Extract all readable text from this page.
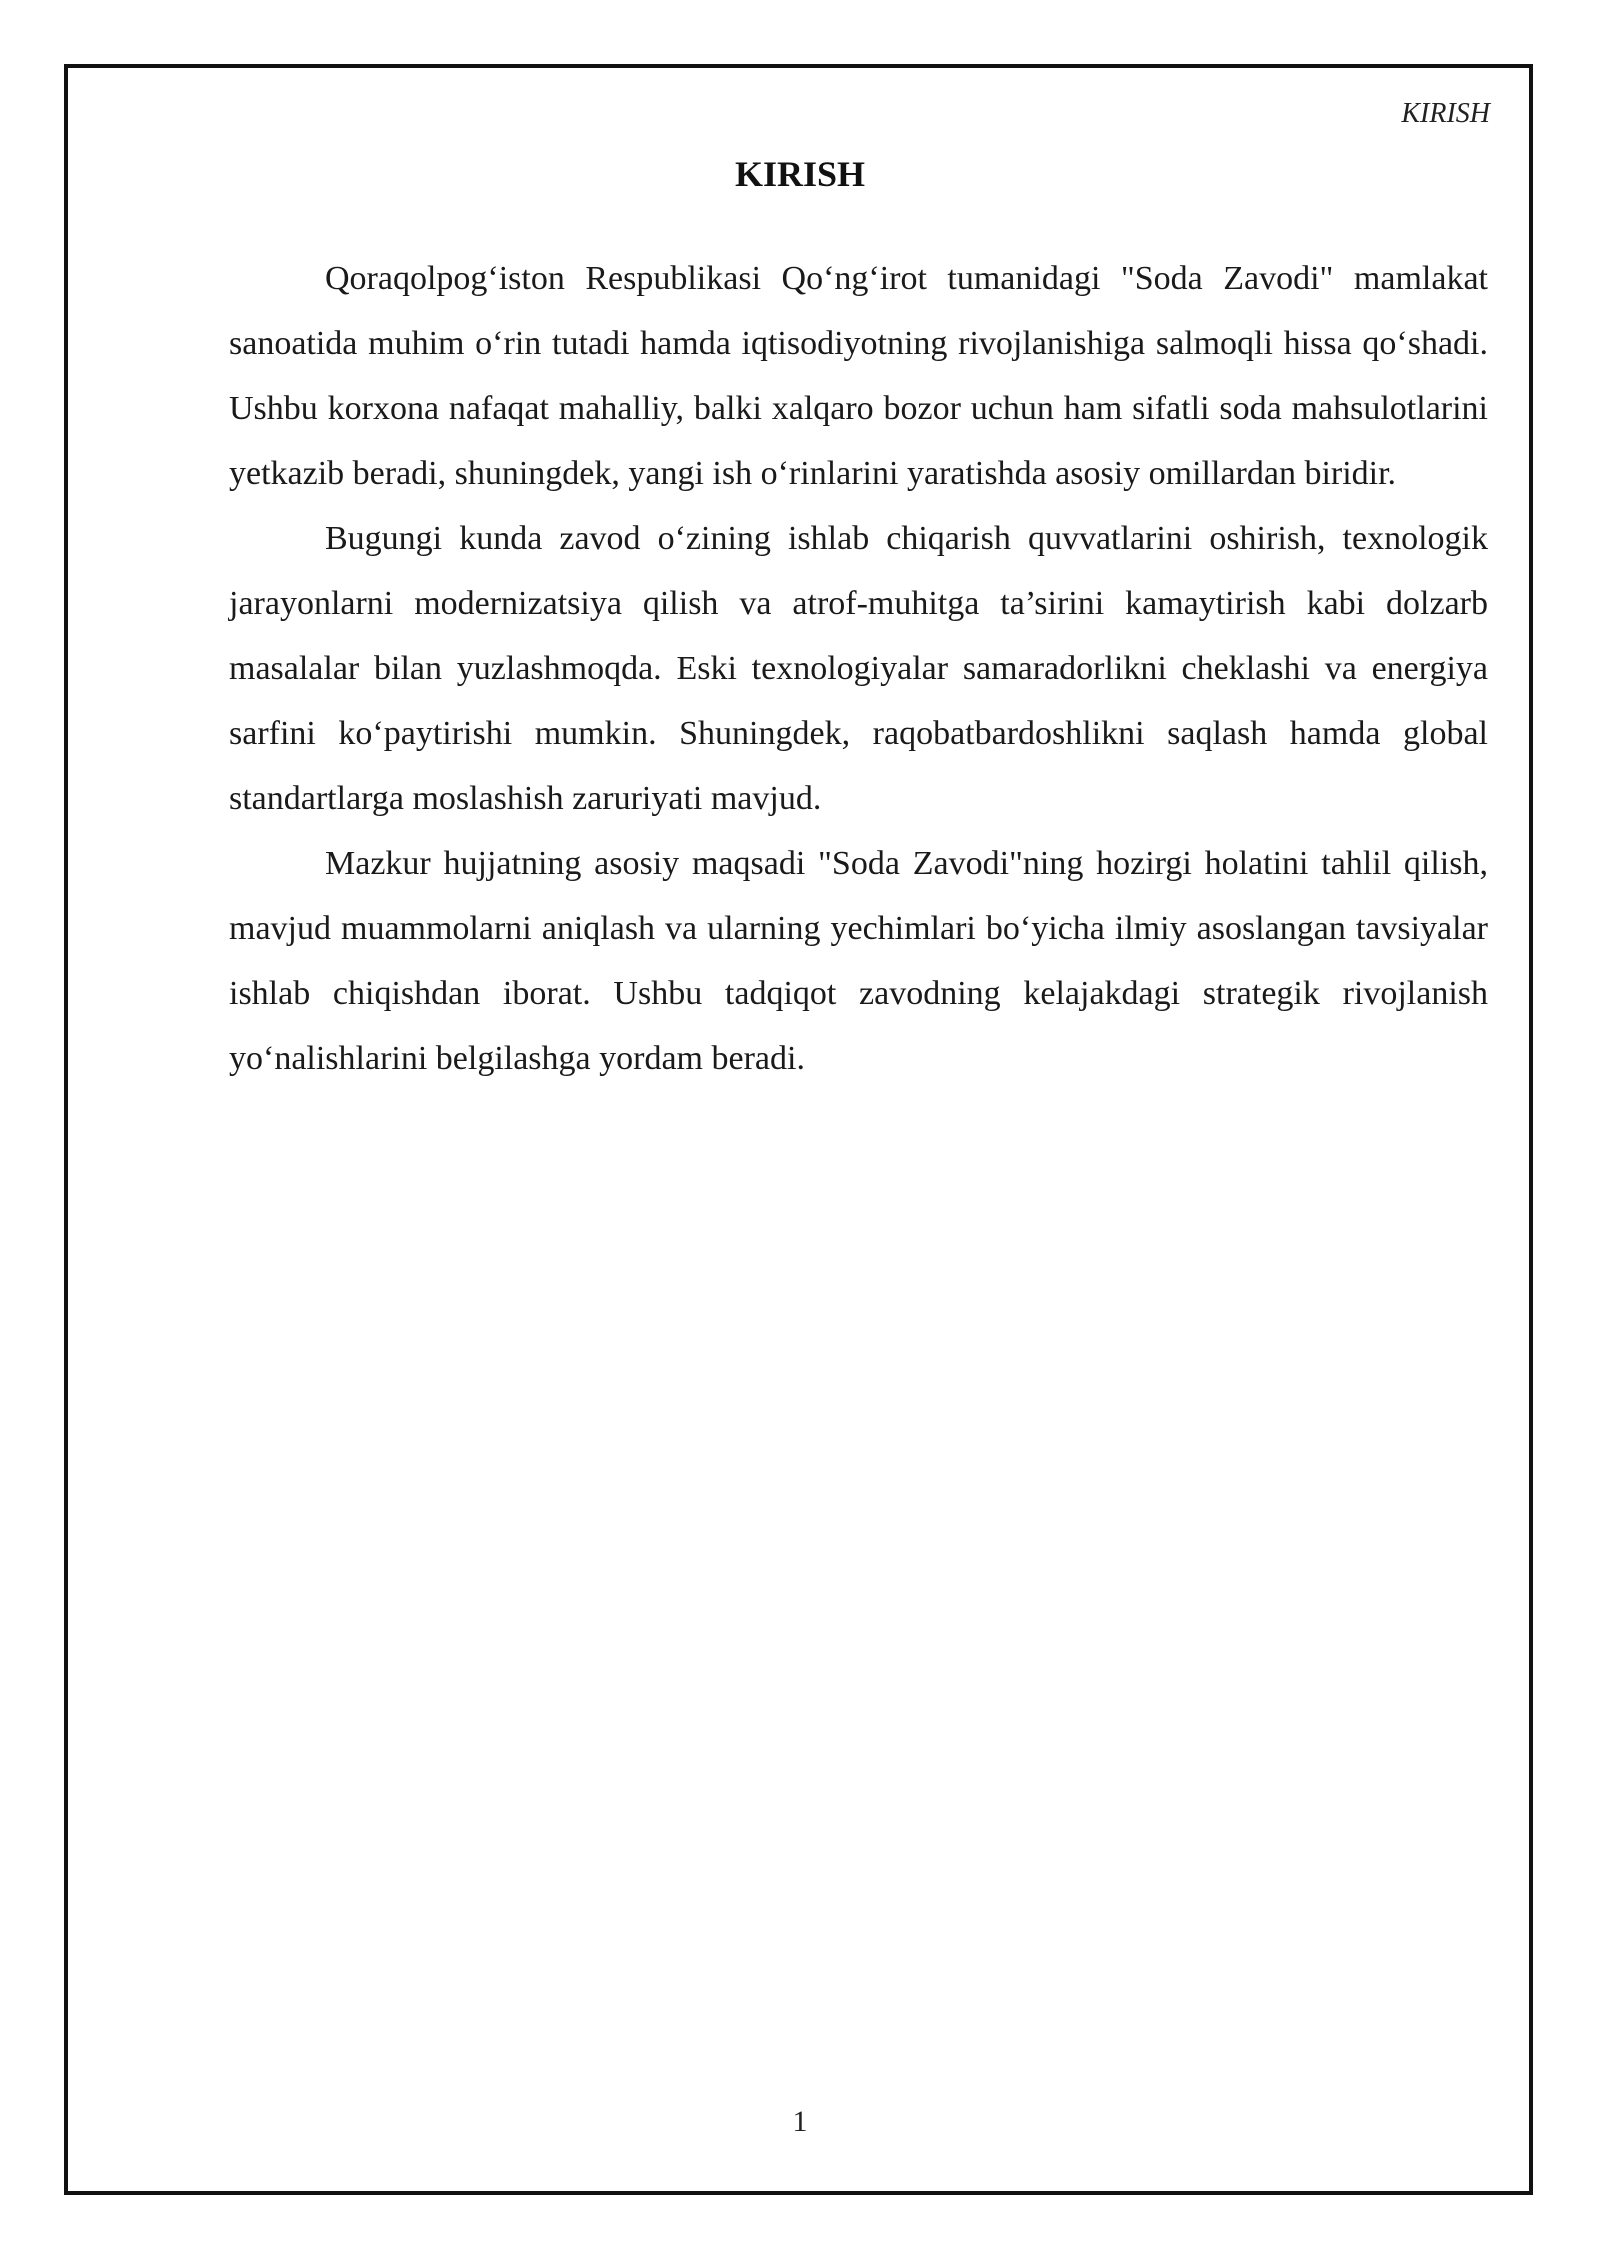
KIRISH
KIRISH

Qoraqolpog‘iston Respublikasi Qo‘ng‘irot tumanidagi "Soda Zavodi" mamlakat sanoatida muhim o‘rin tutadi hamda iqtisodiyotning rivojlanishiga salmoqli hissa qo‘shadi. Ushbu korxona nafaqat mahalliy, balki xalqaro bozor uchun ham sifatli soda mahsulotlarini yetkazib beradi, shuningdek, yangi ish o‘rinlarini yaratishda asosiy omillardan biridir.

Bugungi kunda zavod o‘zining ishlab chiqarish quvvatlarini oshirish, texnologik jarayonlarni modernizatsiya qilish va atrof-muhitga ta’sirini kamaytirish kabi dolzarb masalalar bilan yuzlashmoqda. Eski texnologiyalar samaradorlikni cheklashi va energiya sarfini ko‘paytirishi mumkin. Shuningdek, raqobatbardoshlikni saqlash hamda global standartlarga moslashish zaruriyati mavjud.

Mazkur hujjatning asosiy maqsadi "Soda Zavodi"ning hozirgi holatini tahlil qilish, mavjud muammolarni aniqlash va ularning yechimlari bo‘yicha ilmiy asoslangan tavsiyalar ishlab chiqishdan iborat. Ushbu tadqiqot zavodning kelajakdagi strategik rivojlanish yo‘nalishlarini belgilashga yordam beradi.

1
